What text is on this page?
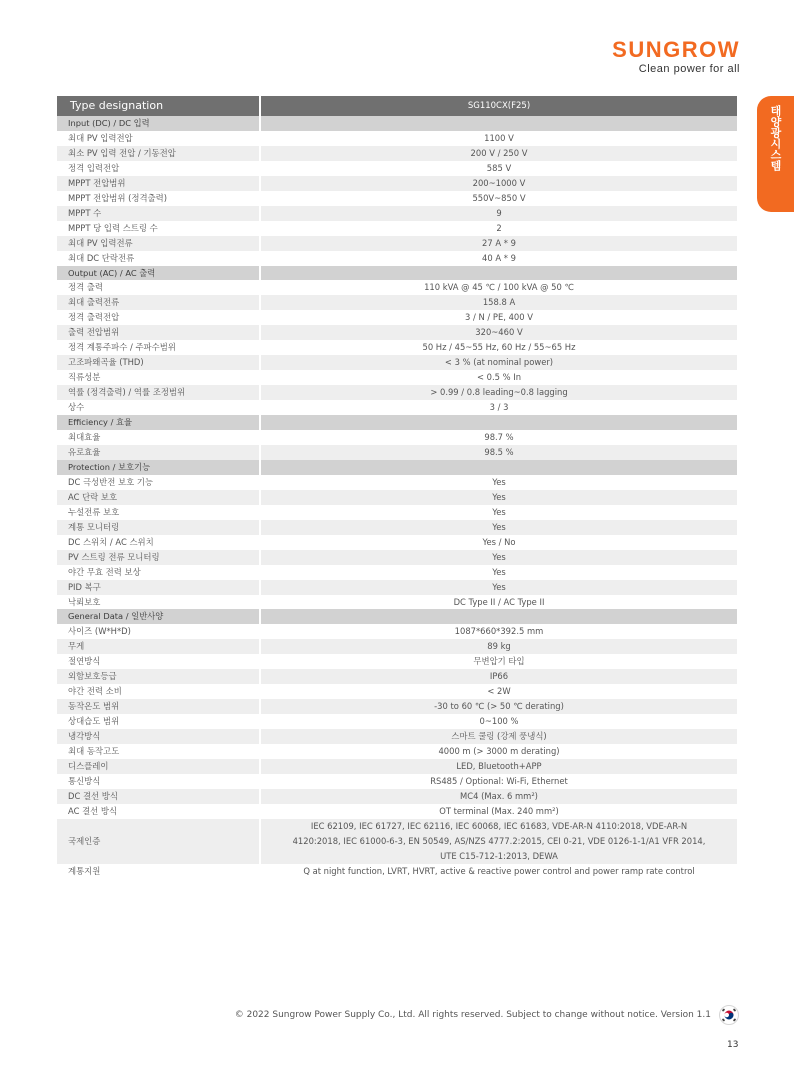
SUNGROW
Clean power for all
태양광시스템
Type designation	SG110CX(F25)
Input (DC) / DC 입력	
최대 PV 입력전압	1100 V
최소 PV 입력 전압 / 기동전압	200 V / 250 V
정격 입력전압	585 V
MPPT 전압범위	200~1000 V
MPPT 전압범위 (정격출력)	550V~850 V
MPPT 수	9
MPPT 당 입력 스트링 수	2
최대 PV 입력전류	27 A * 9
최대 DC 단락전류	40 A * 9
Output (AC) / AC 출력	
정격 출력	110 kVA @ 45 ℃ / 100 kVA @ 50 ℃
최대 출력전류	158.8 A
정격 출력전압	3 / N / PE, 400 V
출력 전압범위	320~460 V
정격 계통주파수 / 주파수범위	50 Hz / 45~55 Hz, 60 Hz / 55~65 Hz
고조파왜곡율 (THD)	< 3 % (at nominal power)
직류성분	< 0.5 % In
역률 (정격출력) / 역률 조정범위	> 0.99 / 0.8 leading~0.8 lagging
상수	3 / 3
Efficiency / 효율	
최대효율	98.7 %
유로효율	98.5 %
Protection / 보호기능	
DC 극성반전 보호 기능	Yes
AC 단락 보호	Yes
누설전류 보호	Yes
계통 모니터링	Yes
DC 스위치 / AC 스위치	Yes / No
PV 스트링 전류 모니터링	Yes
야간 무효 전력 보상	Yes
PID 복구	Yes
낙뢰보호	DC Type II / AC Type II
General Data / 일반사양	
사이즈 (W*H*D)	1087*660*392.5 mm
무게	89 kg
절연방식	무변압기 타입
외함보호등급	IP66
야간 전력 소비	< 2W
동작온도 범위	-30 to 60 ℃ (> 50 ℃ derating)
상대습도 범위	0~100 %
냉각방식	스마트 쿨링 (강제 풍냉식)
최대 동작고도	4000 m (> 3000 m derating)
디스플레이	LED, Bluetooth+APP
통신방식	RS485 / Optional: Wi-Fi, Ethernet
DC 결선 방식	MC4 (Max. 6 mm²)
AC 결선 방식	OT terminal (Max. 240 mm²)
국제인증	IEC 62109, IEC 61727, IEC 62116, IEC 60068, IEC 61683, VDE-AR-N 4110:2018, VDE-AR-N 4120:2018, IEC 61000-6-3, EN 50549, AS/NZS 4777.2:2015, CEI 0-21, VDE 0126-1-1/A1 VFR 2014, UTE C15-712-1:2013, DEWA
계통지원	Q at night function, LVRT, HVRT, active & reactive power control and power ramp rate control
© 2022 Sungrow Power Supply Co., Ltd. All rights reserved. Subject to change without notice. Version 1.1
13
